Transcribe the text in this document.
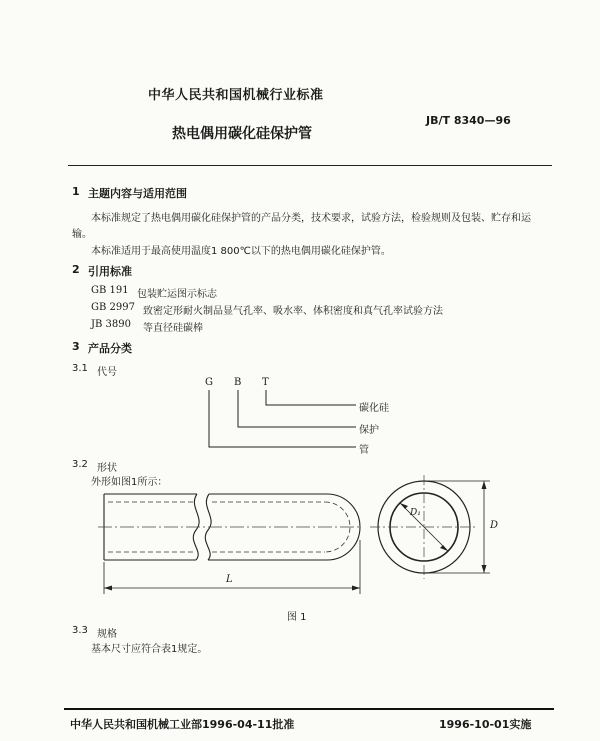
中华人民共和国机械行业标准
JB/T 8340—96
热电偶用碳化硅保护管
1 主题内容与适用范围
本标准规定了热电偶用碳化硅保护管的产品分类，技术要求，试验方法，检验规则及包装、贮存和运
输。
本标准适用于最高使用温度1 800℃以下的热电偶用碳化硅保护管。
2 引用标准
GB 191 包装贮运图示标志
GB 2997 致密定形耐火制品显气孔率、吸水率、体积密度和真气孔率试验方法
JB 3890 等直径硅碳棒
3 产品分类
3.1 代号
G B T
碳化硅
保护
管
3.2 形状
外形如图1所示：
L
D
D₁
图 1
3.3 规格
基本尺寸应符合表1规定。
中华人民共和国机械工业部1996-04-11批准	1996-10-01实施
